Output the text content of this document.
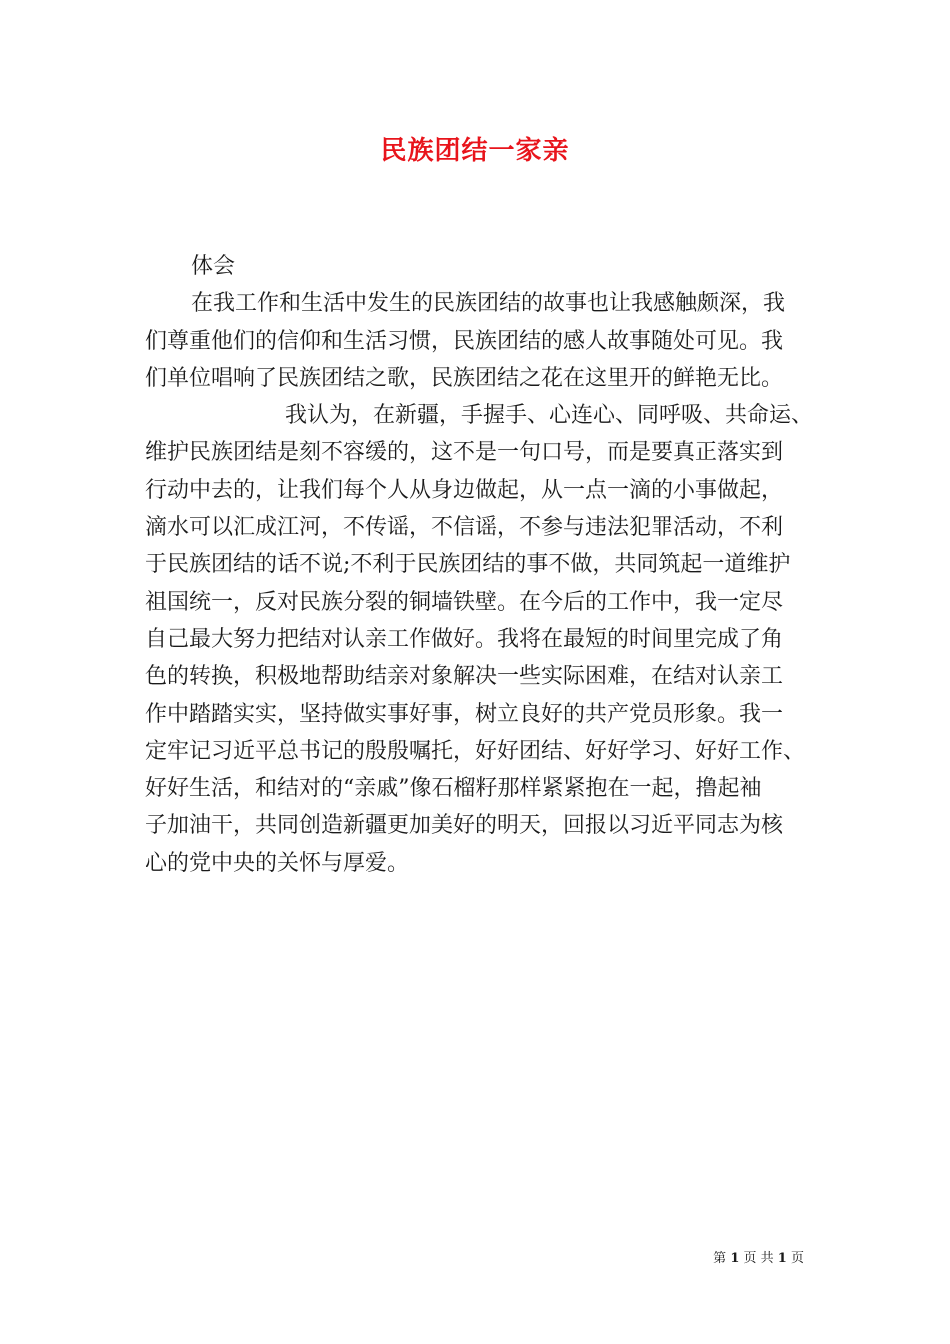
民族团结一家亲
体会
在我工作和生活中发生的民族团结的故事也让我感触颇深，我
们尊重他们的信仰和生活习惯，民族团结的感人故事随处可见。我
们单位唱响了民族团结之歌，民族团结之花在这里开的鲜艳无比。
我认为，在新疆，手握手、心连心、同呼吸、共命运、
维护民族团结是刻不容缓的，这不是一句口号，而是要真正落实到
行动中去的，让我们每个人从身边做起，从一点一滴的小事做起，
滴水可以汇成江河，不传谣，不信谣，不参与违法犯罪活动，不利
于民族团结的话不说;不利于民族团结的事不做，共同筑起一道维护
祖国统一，反对民族分裂的铜墙铁壁。在今后的工作中，我一定尽
自己最大努力把结对认亲工作做好。我将在最短的时间里完成了角
色的转换，积极地帮助结亲对象解决一些实际困难，在结对认亲工
作中踏踏实实，坚持做实事好事，树立良好的共产党员形象。我一
定牢记习近平总书记的殷殷嘱托，好好团结、好好学习、好好工作、
好好生活，和结对的“亲戚”像石榴籽那样紧紧抱在一起，撸起袖
子加油干，共同创造新疆更加美好的明天，回报以习近平同志为核
心的党中央的关怀与厚爱。
第 1 页 共 1 页
